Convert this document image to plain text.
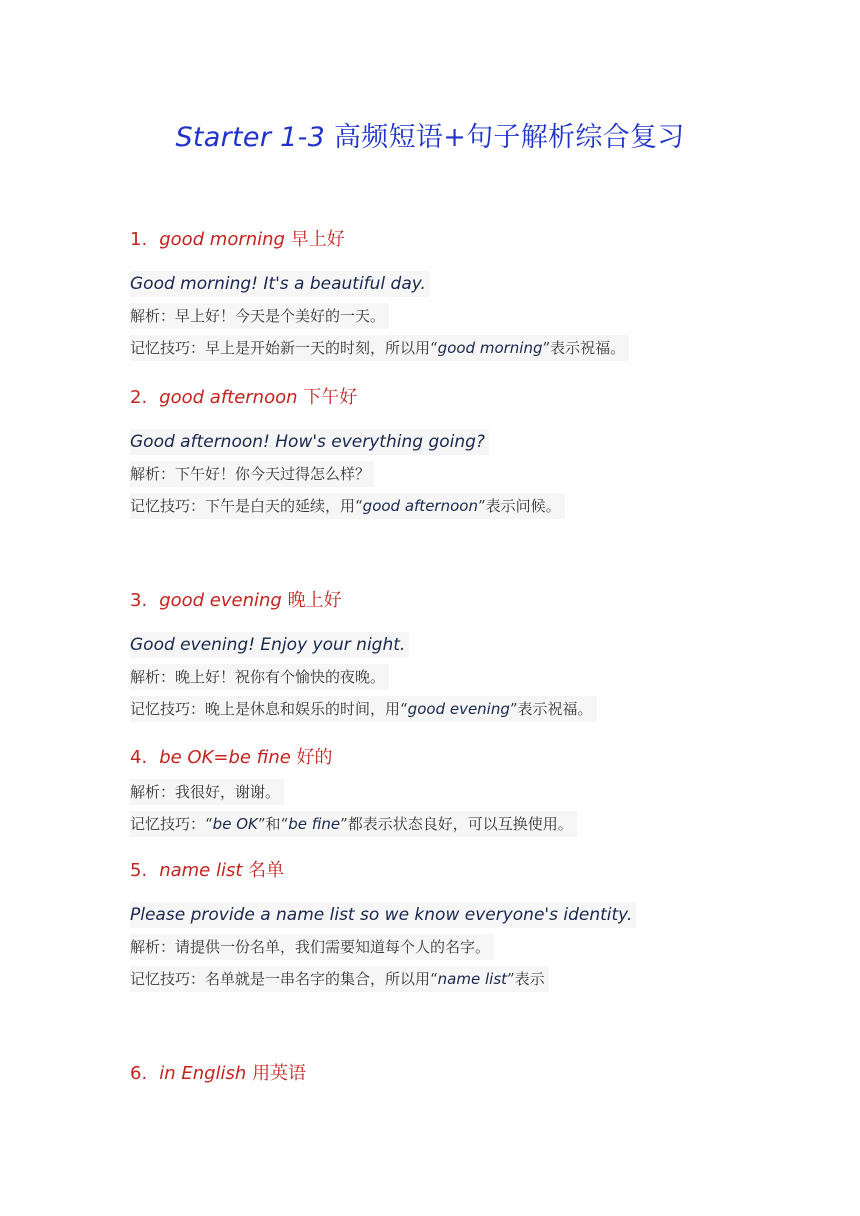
Starter 1-3 高频短语+句子解析综合复习
1. good morning 早上好
Good morning! It's a beautiful day.
解析：早上好！今天是个美好的一天。
记忆技巧：早上是开始新一天的时刻，所以用“good morning”表示祝福。
2. good afternoon 下午好
Good afternoon! How's everything going?
解析：下午好！你今天过得怎么样？
记忆技巧：下午是白天的延续，用“good afternoon”表示问候。
3. good evening 晚上好
Good evening! Enjoy your night.
解析：晚上好！祝你有个愉快的夜晚。
记忆技巧：晚上是休息和娱乐的时间，用“good evening”表示祝福。
4. be OK=be fine 好的
解析：我很好，谢谢。
记忆技巧：“be OK”和“be fine”都表示状态良好，可以互换使用。
5. name list 名单
Please provide a name list so we know everyone's identity.
解析：请提供一份名单，我们需要知道每个人的名字。
记忆技巧：名单就是一串名字的集合，所以用“name list”表示
6. in English 用英语
